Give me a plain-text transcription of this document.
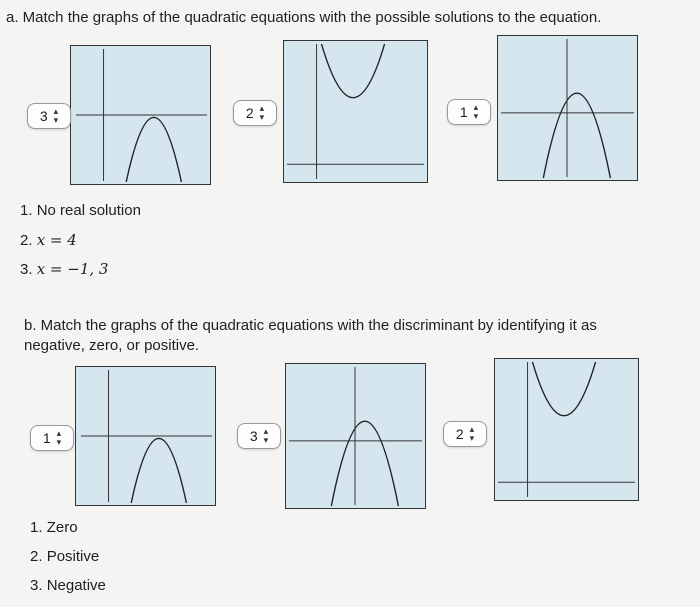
a. Match the graphs of the quadratic equations with the possible solutions to the equation.
3 ▴
▾	2 ▴
▾	1 ▴
▾
1. No real solution
2. x = 4
3. x = −1, 3
b. Match the graphs of the quadratic equations with the discriminant by identifying it as negative, zero, or positive.
1 ▴
▾	3 ▴
▾	2 ▴
▾
1. Zero
2. Positive
3. Negative
